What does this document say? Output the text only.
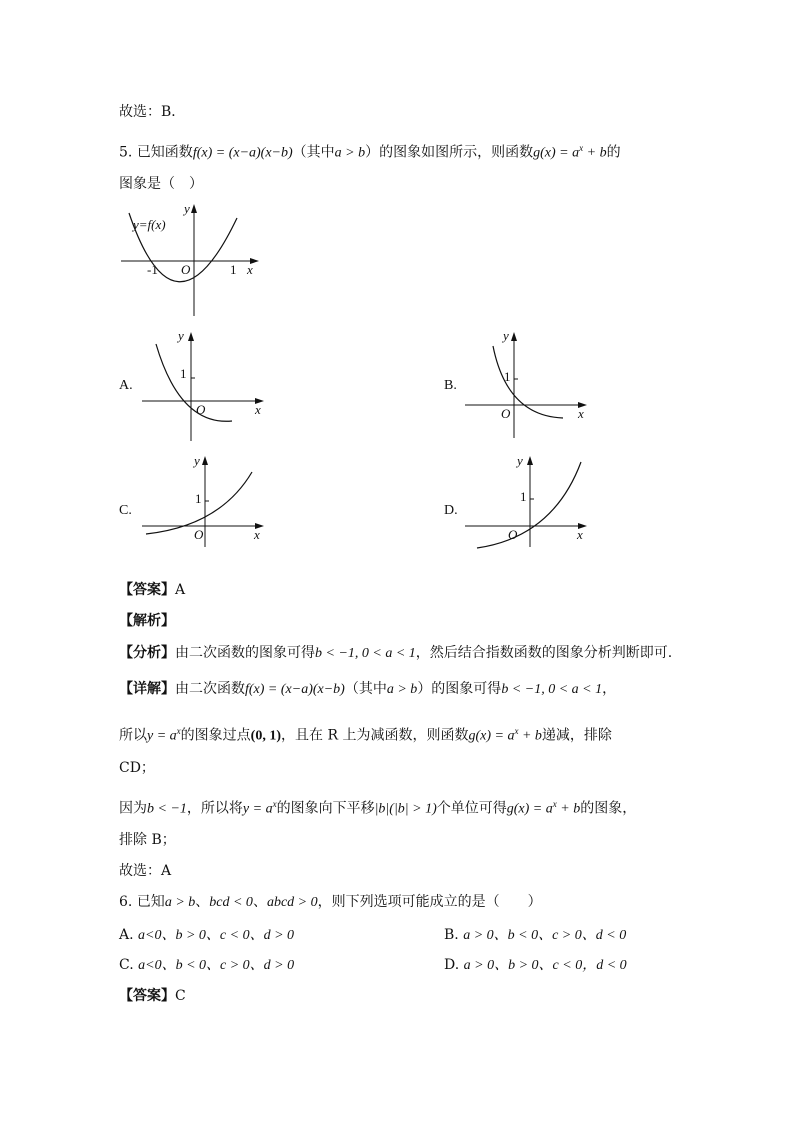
故选：B．
5. 已知函数f(x) = (x−a)(x−b)（其中a > b）的图象如图所示，则函数$g(x) = a^x + b$的
图象是（　）
y=f(x)
-1 O	1 x
y
A.
1
O	x
y
B.
1
O	x
y
C.
1
O	x
y
D.
1
O	x
y
【答案】A
【解析】
【分析】由二次函数的图象可得b < −1, 0 < a < 1，然后结合指数函数的图象分析判断即可.
【详解】由二次函数f(x) = (x−a)(x−b)（其中a > b）的图象可得b < −1, 0 < a < 1，
所以$y = a^x$的图象过点(0, 1)，且在 R 上为减函数，则函数$g(x) = a^x + b$递减，排除
CD；
因为b < −1，所以将$y = a^x$的图象向下平移|b|(|b| > 1)个单位可得$g(x) = a^x + b$的图象，
排除 B；
故选：A
6. 已知a > b、bcd < 0、abcd > 0，则下列选项可能成立的是（　　）
A. a<0、b > 0、c < 0、d > 0	B. a > 0、b < 0、c > 0、d < 0
C. a<0、b < 0、c > 0、d > 0	D. a > 0、b > 0、c < 0，d < 0
【答案】C
